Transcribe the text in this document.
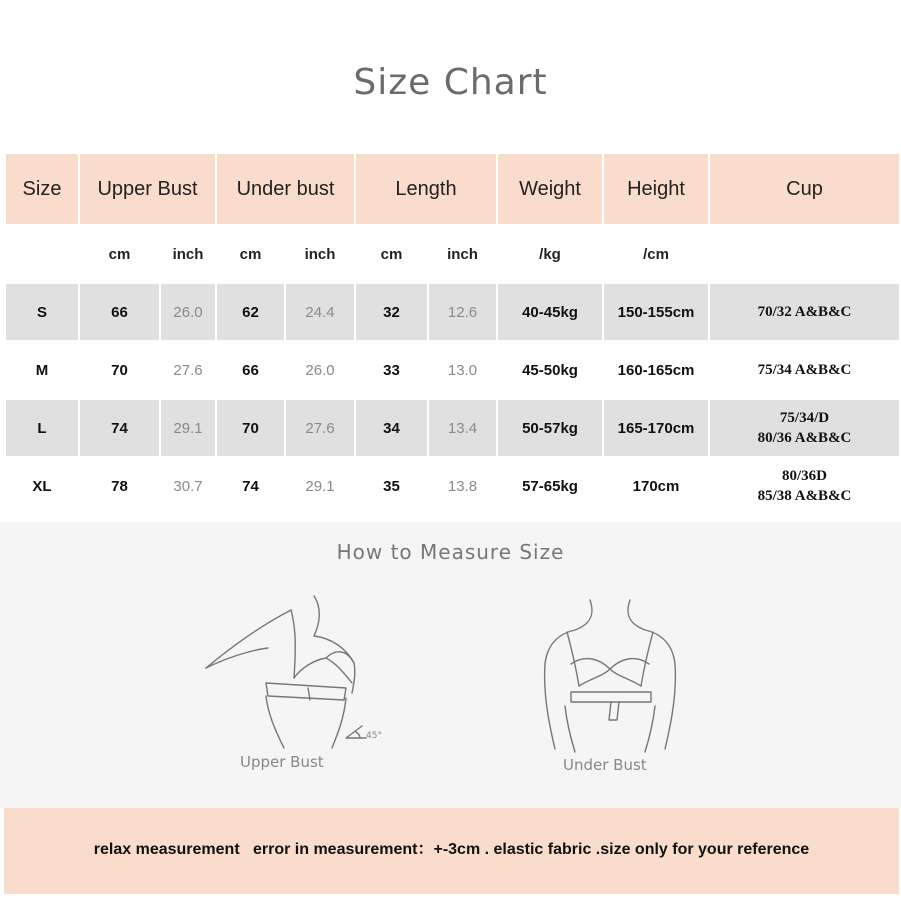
Size Chart
Size	Upper Bust		Under bust		Length		Weight	Height	Cup
	cm	inch	cm	inch	cm	inch	/kg	/cm	
S	66	26.0	62	24.4	32	12.6	40-45kg	150-155cm	70/32 A&B&C

M	70	27.6	66	26.0	33	13.0	45-50kg	160-165cm	75/34 A&B&C

L	74	29.1	70	27.6	34	13.4	50-57kg	165-170cm	75/34/D
80/36 A&B&C

XL	78	30.7	74	29.1	35	13.8	57-65kg	170cm	80/36D
85/38 A&B&C
How to Measure Size
45°
Upper Bust	Under Bust
relax measurement   error in measurement：+-3cm . elastic fabric .size only for your reference
